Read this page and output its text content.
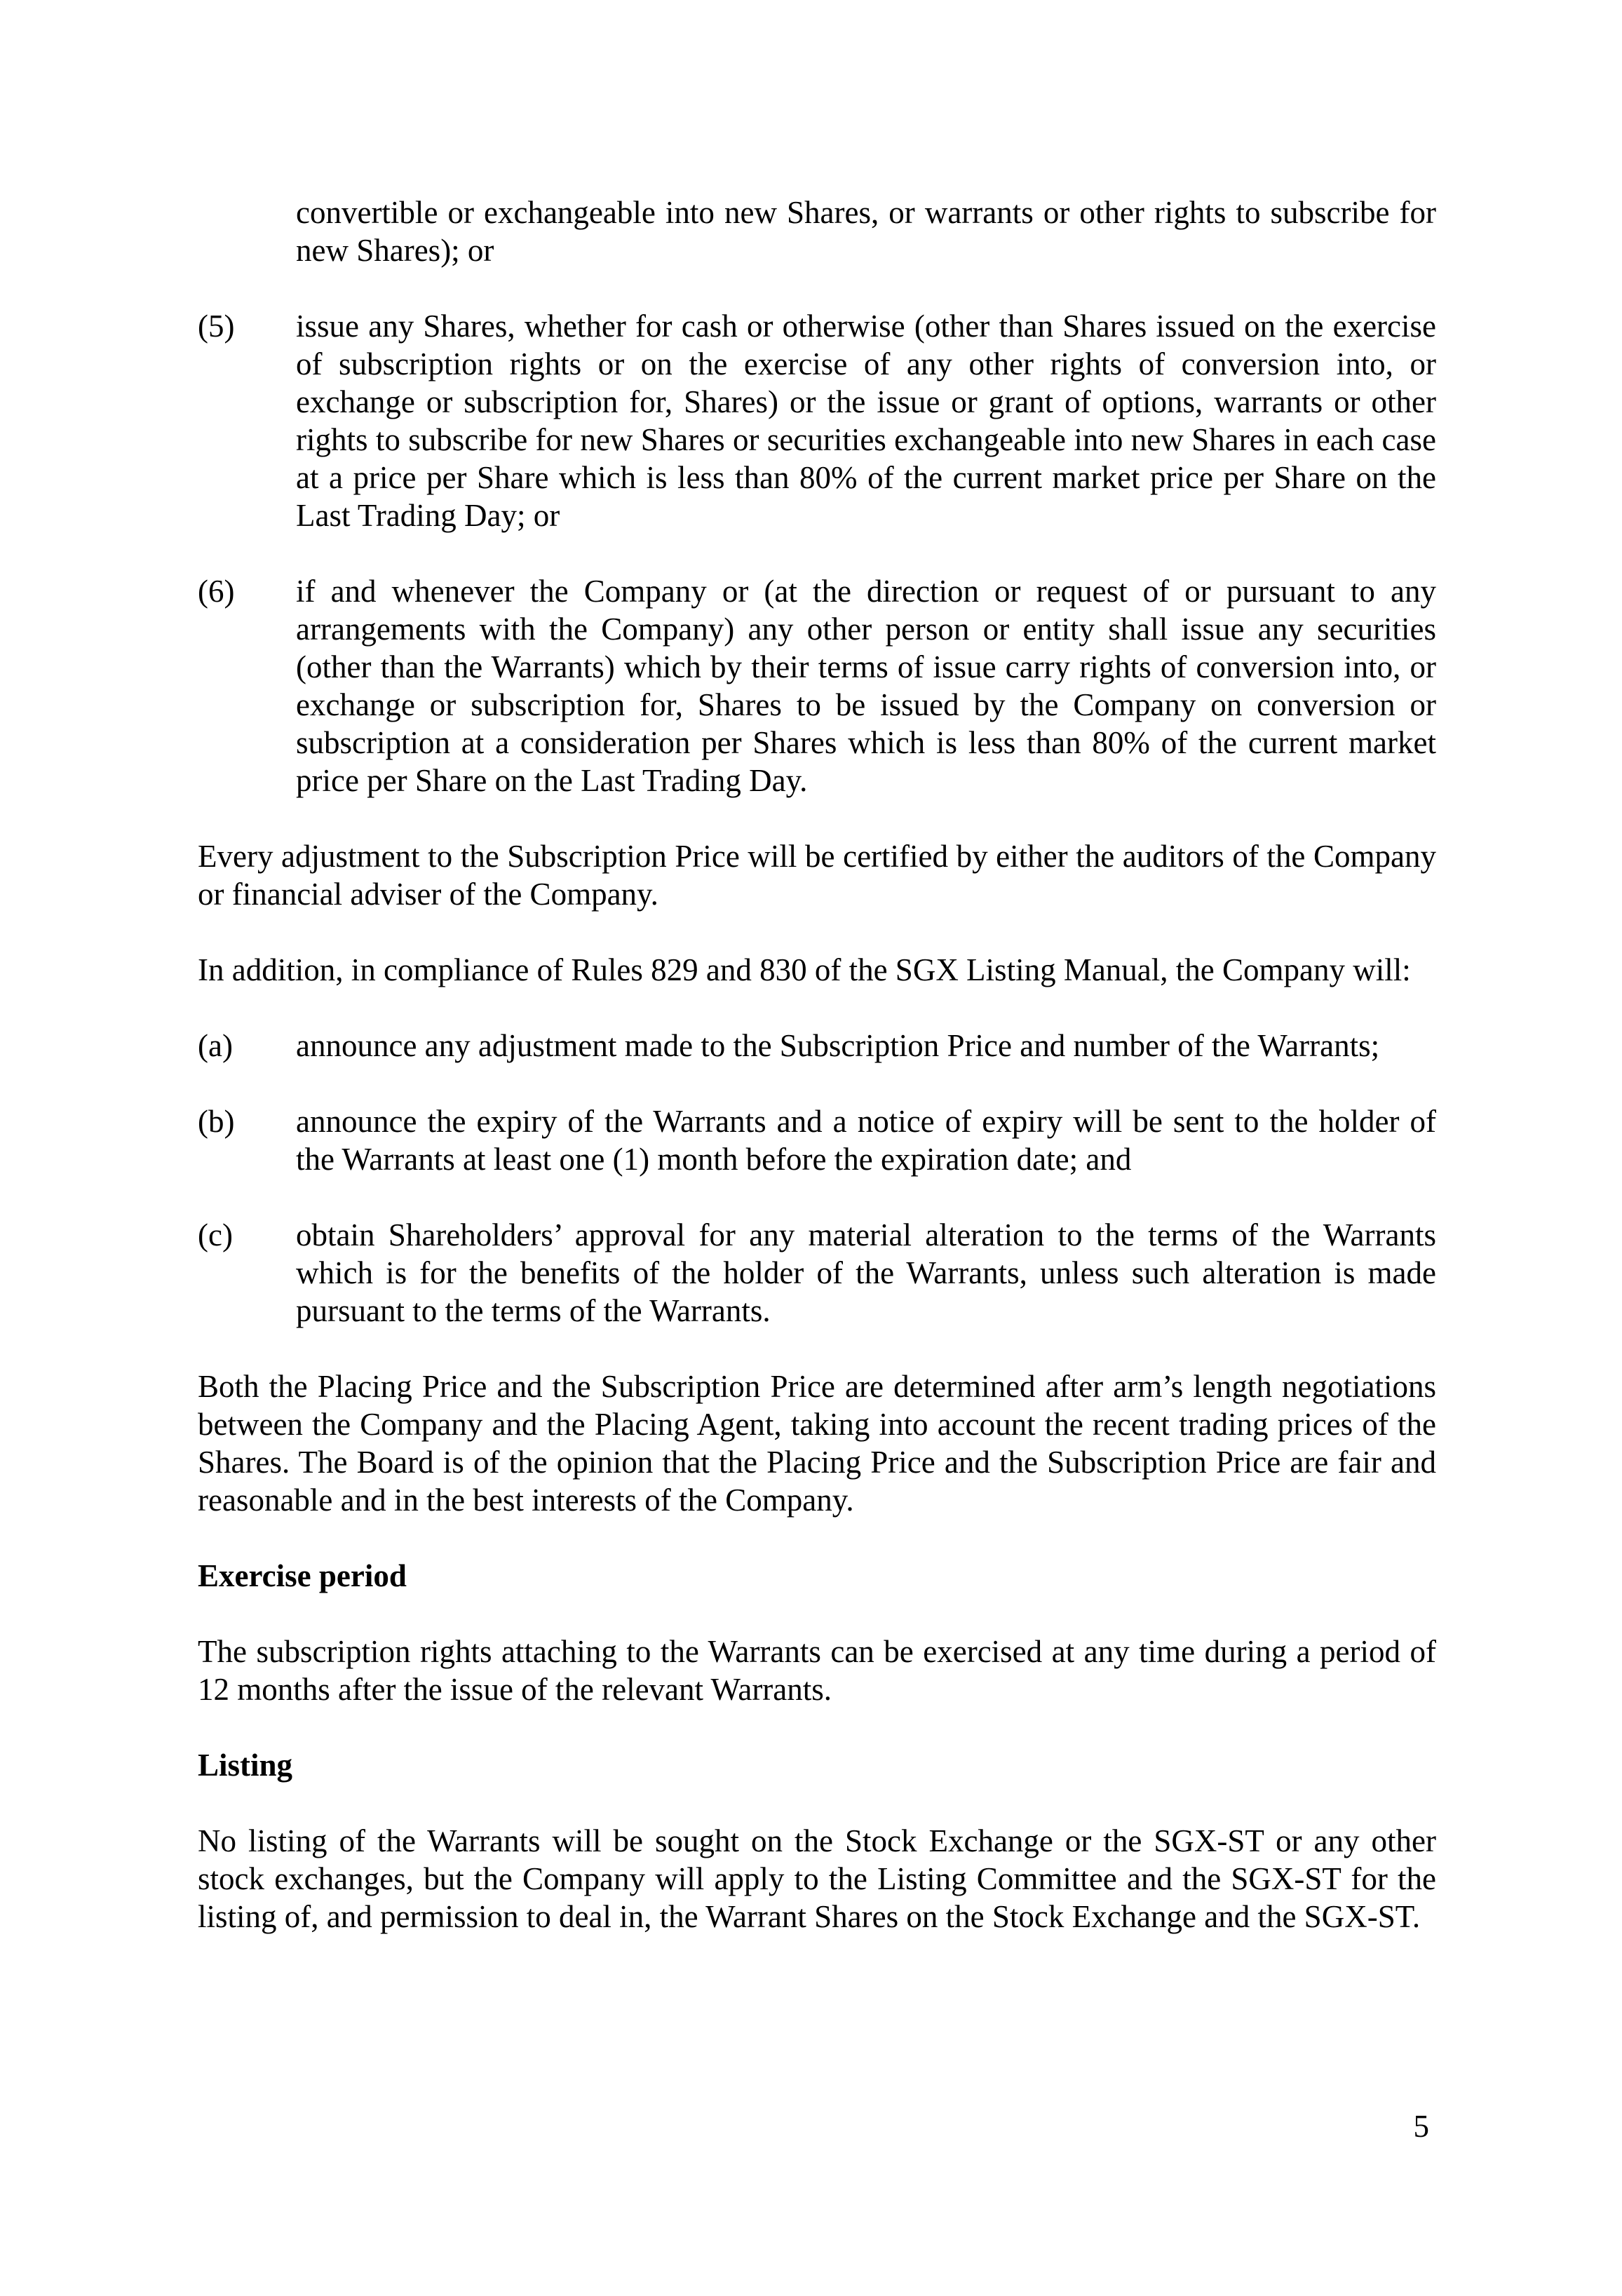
convertible or exchangeable into new Shares, or warrants or other rights to subscribe for new Shares); or

(5)	issue any Shares, whether for cash or otherwise (other than Shares issued on the exercise of subscription rights or on the exercise of any other rights of conversion into, or exchange or subscription for, Shares) or the issue or grant of options, warrants or other rights to subscribe for new Shares or securities exchangeable into new Shares in each case at a price per Share which is less than 80% of the current market price per Share on the Last Trading Day; or
(6)	if and whenever the Company or (at the direction or request of or pursuant to any arrangements with the Company) any other person or entity shall issue any securities (other than the Warrants) which by their terms of issue carry rights of conversion into, or exchange or subscription for, Shares to be issued by the Company on conversion or subscription at a consideration per Shares which is less than 80% of the current market price per Share on the Last Trading Day.

Every adjustment to the Subscription Price will be certified by either the auditors of the Company or financial adviser of the Company.

In addition, in compliance of Rules 829 and 830 of the SGX Listing Manual, the Company will:

(a)	announce any adjustment made to the Subscription Price and number of the Warrants;
(b)	announce the expiry of the Warrants and a notice of expiry will be sent to the holder of the Warrants at least one (1) month before the expiration date; and
(c)	obtain Shareholders’ approval for any material alteration to the terms of the Warrants which is for the benefits of the holder of the Warrants, unless such alteration is made pursuant to the terms of the Warrants.

Both the Placing Price and the Subscription Price are determined after arm’s length negotiations between the Company and the Placing Agent, taking into account the recent trading prices of the Shares. The Board is of the opinion that the Placing Price and the Subscription Price are fair and reasonable and in the best interests of the Company.

Exercise period

The subscription rights attaching to the Warrants can be exercised at any time during a period of 12 months after the issue of the relevant Warrants.

Listing

No listing of the Warrants will be sought on the Stock Exchange or the SGX-ST or any other stock exchanges, but the Company will apply to the Listing Committee and the SGX-ST for the listing of, and permission to deal in, the Warrant Shares on the Stock Exchange and the SGX-ST.

5
